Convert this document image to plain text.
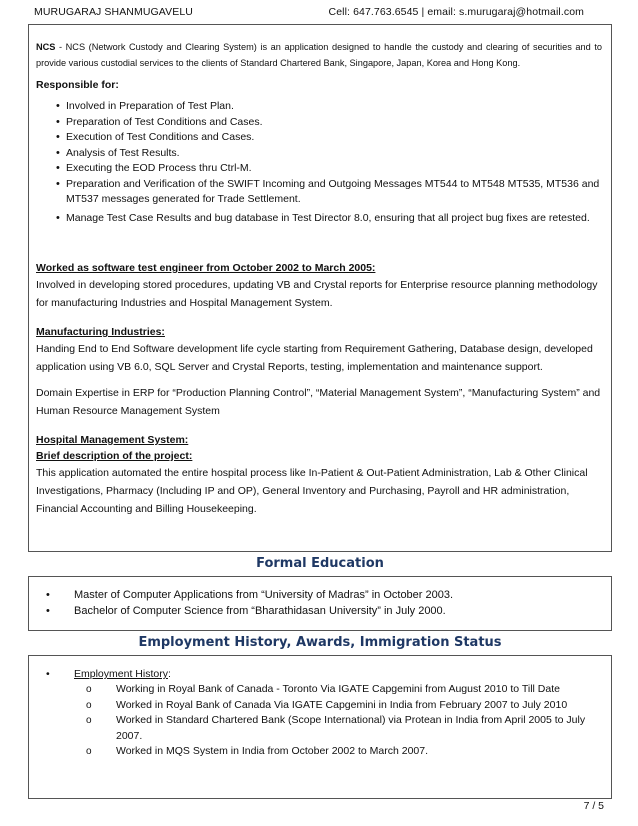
MURUGARAJ SHANMUGAVELU	Cell: 647.763.6545 | email: s.murugaraj@hotmail.com

NCS - NCS (Network Custody and Clearing System) is an application designed to handle the custody and clearing of securities and to provide various custodial services to the clients of Standard Chartered Bank, Singapore, Japan, Korea and Hong Kong.

Responsible for:

• Involved in Preparation of Test Plan.
• Preparation of Test Conditions and Cases.
• Execution of Test Conditions and Cases.
• Analysis of Test Results.
• Executing the EOD Process thru Ctrl-M.
• Preparation and Verification of the SWIFT Incoming and Outgoing Messages MT544 to MT548 MT535, MT536 and MT537 messages generated for Trade Settlement.
• Manage Test Case Results and bug database in Test Director 8.0, ensuring that all project bug fixes are retested.

Worked as software test engineer from October 2002 to March 2005:

Involved in developing stored procedures, updating VB and Crystal reports for Enterprise resource planning methodology for manufacturing Industries and Hospital Management System.

Manufacturing Industries:

Handing End to End Software development life cycle starting from Requirement Gathering, Database design, developed application using VB 6.0, SQL Server and Crystal Reports, testing, implementation and maintenance support.

Domain Expertise in ERP for “Production Planning Control”, “Material Management System”, “Manufacturing System” and Human Resource Management System

Hospital Management System:

Brief description of the project:

This application automated the entire hospital process like In-Patient & Out-Patient Administration, Lab & Other Clinical Investigations, Pharmacy (Including IP and OP), General Inventory and Purchasing, Payroll and HR administration, Financial Accounting and Billing Housekeeping.

Formal Education
• Master of Computer Applications from “University of Madras” in October 2003.
• Bachelor of Computer Science from “Bharathidasan University” in July 2000.
Employment History, Awards, Immigration Status
• Employment History:
o Working in Royal Bank of Canada - Toronto Via IGATE Capgemini from August 2010 to Till Date
o Worked in Royal Bank of Canada Via IGATE Capgemini in India from February 2007 to July 2010
o Worked in Standard Chartered Bank (Scope International) via Protean in India from April 2005 to July 2007.
o Worked in MQS System in India from October 2002 to March 2007.
7 / 5
